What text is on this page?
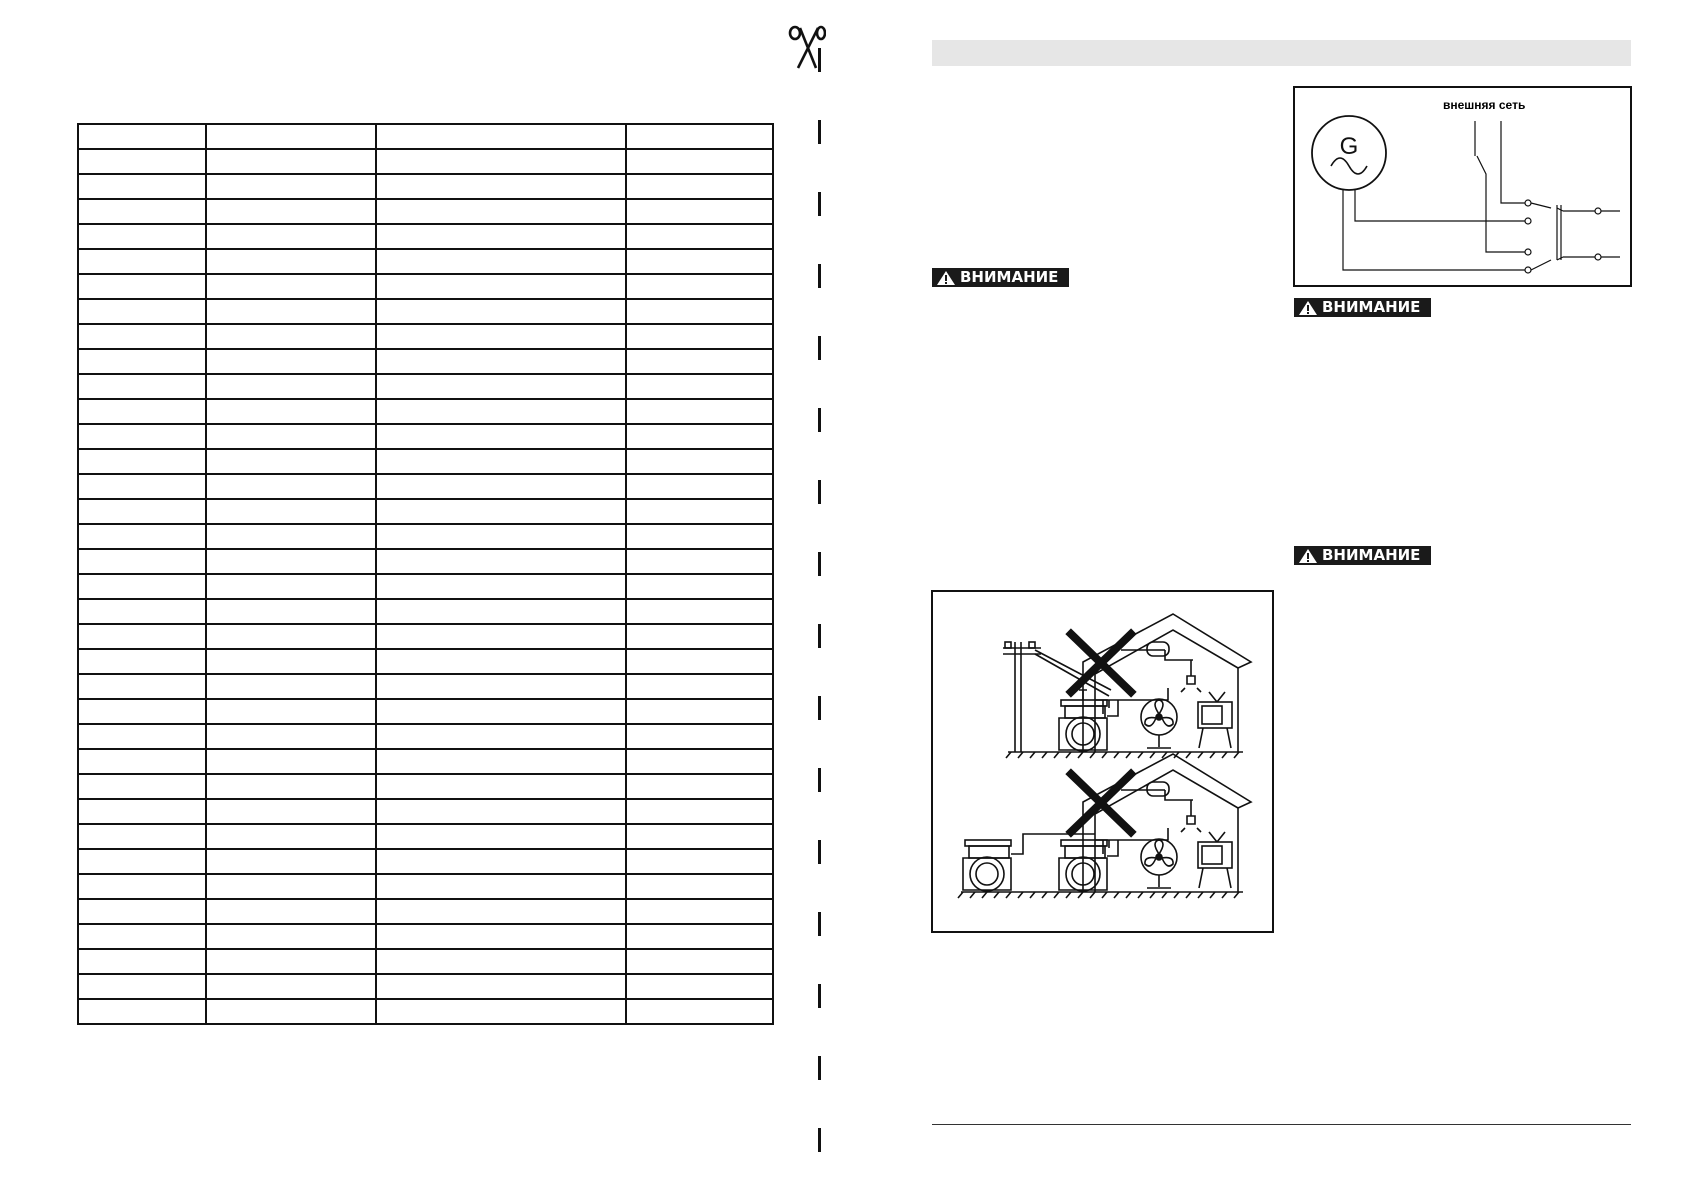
ВНИМАНИЕ
внешняя сеть
G
ВНИМАНИЕ
ВНИМАНИЕ
